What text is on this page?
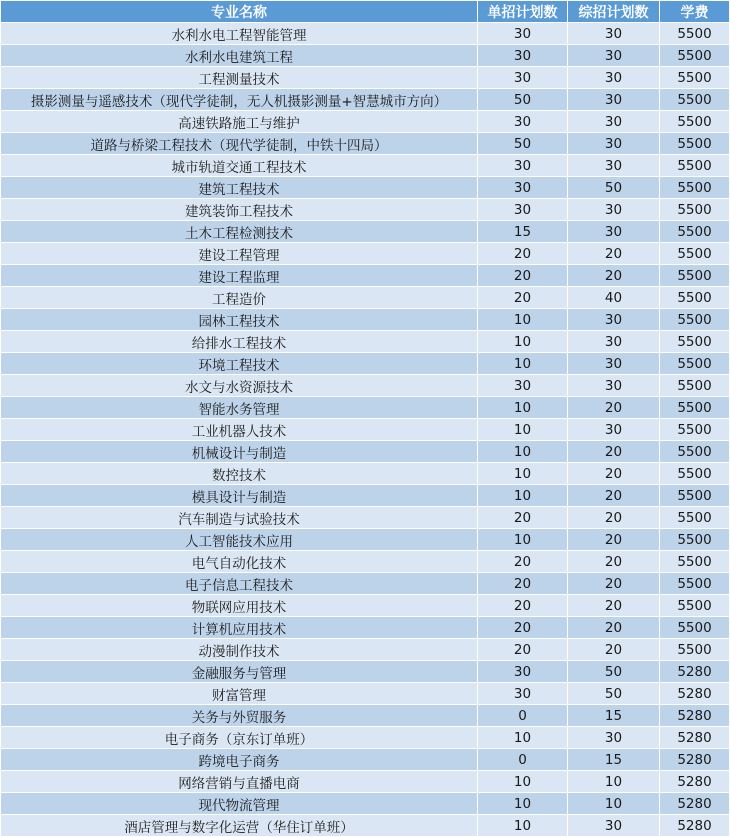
专业名称	单招计划数	综招计划数	学费
水利水电工程智能管理	30	30	5500
水利水电建筑工程	30	30	5500
工程测量技术	30	30	5500
摄影测量与遥感技术（现代学徒制，无人机摄影测量+智慧城市方向）	50	30	5500
高速铁路施工与维护	30	30	5500
道路与桥梁工程技术（现代学徒制，中铁十四局）	50	30	5500
城市轨道交通工程技术	30	30	5500
建筑工程技术	30	50	5500
建筑装饰工程技术	30	30	5500
土木工程检测技术	15	30	5500
建设工程管理	20	20	5500
建设工程监理	20	20	5500
工程造价	20	40	5500
园林工程技术	10	30	5500
给排水工程技术	10	30	5500
环境工程技术	10	30	5500
水文与水资源技术	30	30	5500
智能水务管理	10	20	5500
工业机器人技术	10	30	5500
机械设计与制造	10	20	5500
数控技术	10	20	5500
模具设计与制造	10	20	5500
汽车制造与试验技术	20	20	5500
人工智能技术应用	10	20	5500
电气自动化技术	20	20	5500
电子信息工程技术	20	20	5500
物联网应用技术	20	20	5500
计算机应用技术	20	20	5500
动漫制作技术	20	20	5500
金融服务与管理	30	50	5280
财富管理	30	50	5280
关务与外贸服务	0	15	5280
电子商务（京东订单班）	10	30	5280
跨境电子商务	0	15	5280
网络营销与直播电商	10	10	5280
现代物流管理	10	10	5280
酒店管理与数字化运营（华住订单班）	10	30	5280
